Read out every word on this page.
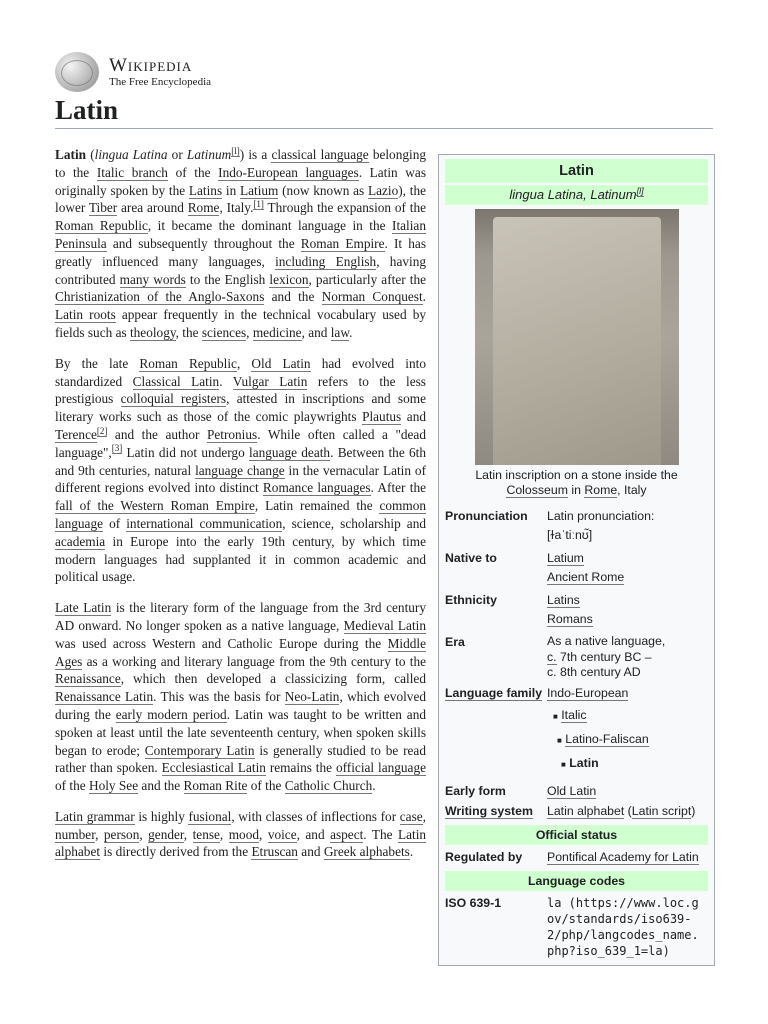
Wikipedia
The Free Encyclopedia
Latin

Latin (lingua Latina or Latinum[l]) is a classical language belonging to the Italic branch of the Indo-European languages. Latin was originally spoken by the Latins in Latium (now known as Lazio), the lower Tiber area around Rome, Italy.[1] Through the expansion of the Roman Republic, it became the dominant language in the Italian Peninsula and subsequently throughout the Roman Empire. It has greatly influenced many languages, including English, having contributed many words to the English lexicon, particularly after the Christianization of the Anglo-Saxons and the Norman Conquest. Latin roots appear frequently in the technical vocabulary used by fields such as theology, the sciences, medicine, and law.

By the late Roman Republic, Old Latin had evolved into standardized Classical Latin. Vulgar Latin refers to the less prestigious colloquial registers, attested in inscriptions and some literary works such as those of the comic playwrights Plautus and Terence[2] and the author Petronius. While often called a "dead language",[3] Latin did not undergo language death. Between the 6th and 9th centuries, natural language change in the vernacular Latin of different regions evolved into distinct Romance languages. After the fall of the Western Roman Empire, Latin remained the common language of international communication, science, scholarship and academia in Europe into the early 19th century, by which time modern languages had supplanted it in common academic and political usage.

Late Latin is the literary form of the language from the 3rd century AD onward. No longer spoken as a native language, Medieval Latin was used across Western and Catholic Europe during the Middle Ages as a working and literary language from the 9th century to the Renaissance, which then developed a classicizing form, called Renaissance Latin. This was the basis for Neo-Latin, which evolved during the early modern period. Latin was taught to be written and spoken at least until the late seventeenth century, when spoken skills began to erode; Contemporary Latin is generally studied to be read rather than spoken. Ecclesiastical Latin remains the official language of the Holy See and the Roman Rite of the Catholic Church.

Latin grammar is highly fusional, with classes of inflections for case, number, person, gender, tense, mood, voice, and aspect. The Latin alphabet is directly derived from the Etruscan and Greek alphabets.

Latin
lingua Latina, Latinum[l]
Latin inscription on a stone inside the Colosseum in Rome, Italy
Pronunciation	Latin pronunciation:
[ɫaˈtiːnʊ̃]
Native to	Latium
Ancient Rome
Ethnicity	Latins
Romans
Era	As a native language,
c. 7th century BC –
c. 8th century AD
Language family Indo-European
■ Italic
■ Latino-Faliscan
■ Latin
Early form	Old Latin
Writing system	Latin alphabet (Latin script)
Official status
Regulated by	Pontifical Academy for Latin
Language codes
ISO 639-1	la (https://www.loc.g
ov/standards/iso639-
2/php/langcodes_name.
php?iso_639_1=la)
